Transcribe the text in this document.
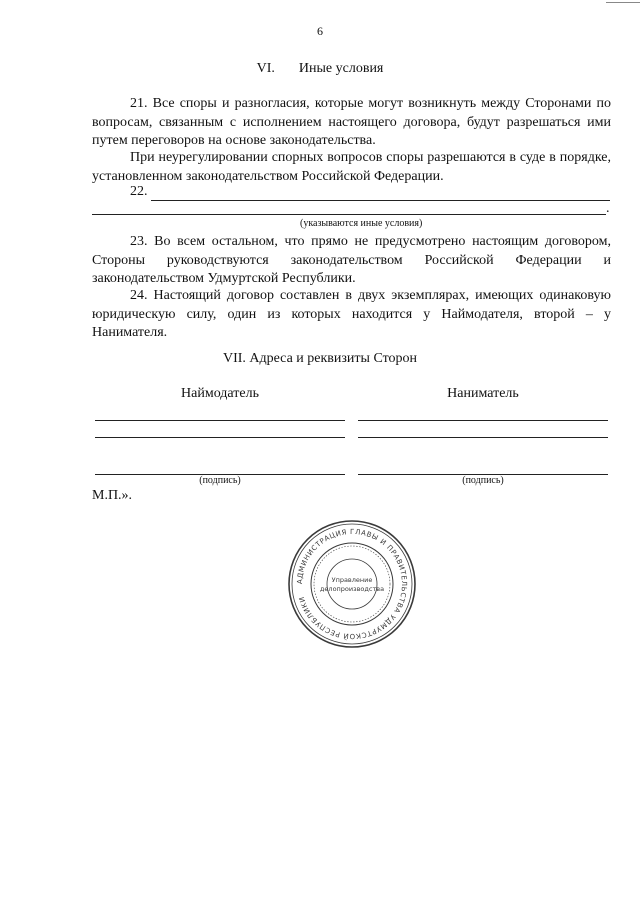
6
VI. Иные условия

21. Все споры и разногласия, которые могут возникнуть между Сторонами по вопросам, связанным с исполнением настоящего договора, будут разрешаться ими путем переговоров на основе законодательства.

При неурегулировании спорных вопросов споры разрешаются в суде в порядке, установленном законодательством Российской Федерации.

22.
.
(указываются иные условия)

23. Во всем остальном, что прямо не предусмотрено настоящим договором, Стороны руководствуются законодательством Российской Федерации и законодательством Удмуртской Республики.

24. Настоящий договор составлен в двух экземплярах, имеющих одинаковую юридическую силу, один из которых находится у Наймодателя, второй – у Нанимателя.

VII. Адреса и реквизиты Сторон
Наймодатель	Наниматель
(подпись)	(подпись)
М.П.».
АДМИНИСТРАЦИЯ ГЛАВЫ И ПРАВИТЕЛЬСТВА УДМУРТСКОЙ РЕСПУБЛИКИ
Управление
делопроизводства
